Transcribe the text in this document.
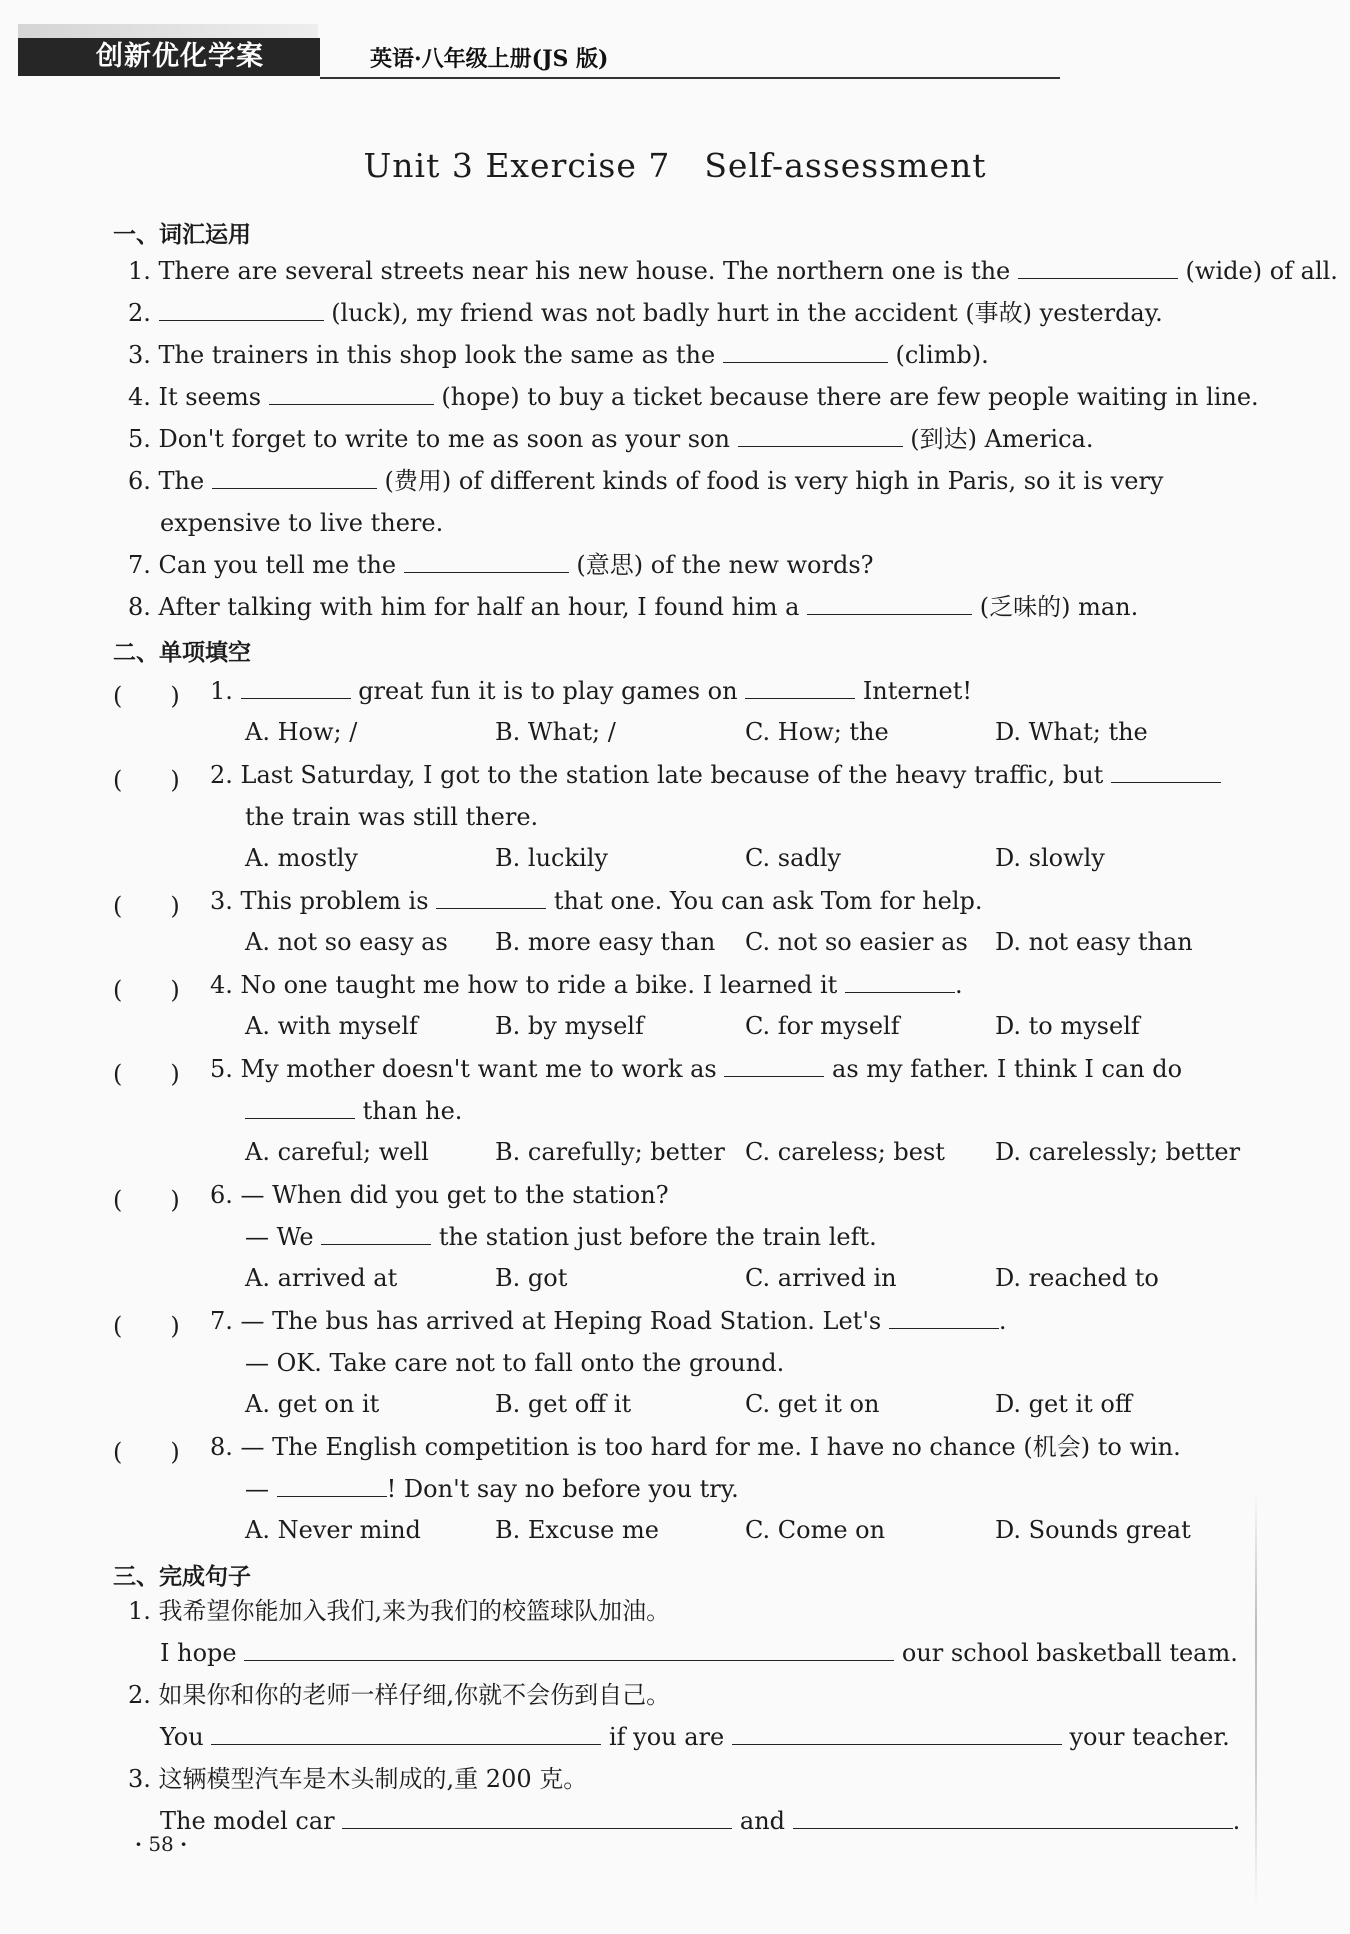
创新优化学案	英语·八年级上册(JS 版)
Unit 3 Exercise 7　Self-assessment
一、词汇运用
1. There are several streets near his new house. The northern one is the	(wide) of all.
2.	(luck), my friend was not badly hurt in the accident (事故) yesterday.
3. The trainers in this shop look the same as the	(climb).
4. It seems	(hope) to buy a ticket because there are few people waiting in line.
5. Don't forget to write to me as soon as your son	(到达) America.
6. The	(费用) of different kinds of food is very high in Paris, so it is very
expensive to live there.
7. Can you tell me the	(意思) of the new words?
8. After talking with him for half an hour, I found him a	(乏味的) man.
二、单项填空
(　　) 1.	great fun it is to play games on	Internet!
A. How; /	B. What; /	C. How; the	D. What; the
(　　) 2. Last Saturday, I got to the station late because of the heavy traffic, but
the train was still there.
A. mostly	B. luckily	C. sadly	D. slowly
(　　) 3. This problem is	that one. You can ask Tom for help.
A. not so easy as B. more easy than C. not so easier as D. not easy than
(　　) 4. No one taught me how to ride a bike. I learned it	.
A. with myself	B. by myself	C. for myself	D. to myself
(　　) 5. My mother doesn't want me to work as	as my father. I think I can do
than he.
A. careful; well	B. carefully; better C. careless; best D. carelessly; better
(　　) 6. — When did you get to the station?
— We	the station just before the train left.
A. arrived at	B. got	C. arrived in	D. reached to
(　　) 7. — The bus has arrived at Heping Road Station. Let's	.
— OK. Take care not to fall onto the ground.
A. get on it	B. get off it	C. get it on	D. get it off
(　　) 8. — The English competition is too hard for me. I have no chance (机会) to win.
—	! Don't say no before you try.
A. Never mind	B. Excuse me	C. Come on	D. Sounds great
三、完成句子
1. 我希望你能加入我们,来为我们的校篮球队加油。
I hope	our school basketball team.
2. 如果你和你的老师一样仔细,你就不会伤到自己。
You	if you are	your teacher.
3. 这辆模型汽车是木头制成的,重 200 克。
The model car	and	.
· 58 ·
